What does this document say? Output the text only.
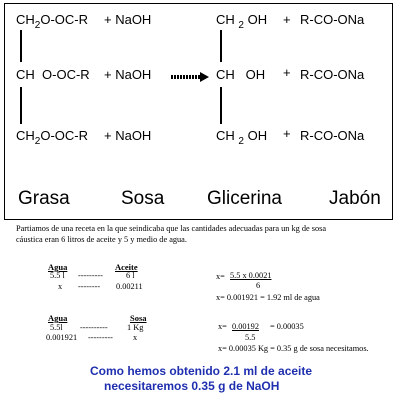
$CH_2O-OC-R$ + NaOH	CH $_2$ OH + R-CO-ONa
CH O-OC-R + NaOH → CH OH + R-CO-ONa
$CH_2O-OC-R$ + NaOH	CH $_2$ OH + R-CO-ONa
Grasa	Sosa Glicerina Jabón
Partiamos de una receta en la que seindicaba que las cantidades adecuadas para un kg de sosa
cáustica eran 6 litros de aceite y 5 y medio de agua.
Agua	Aceite
5.5 l ---------	6 l
x -------- 0.00211
x= 5.5 x 0.0021
6
x= 0.001921 = 1.92 ml de agua
Agua	Sosa
5.5l ---------- 1 Kg
0.001921 --------- x
x= 0.00192 = 0.00035
5.5
x= 0.00035 Kg = 0.35 g de sosa necesitamos.
Como hemos obtenido 2.1 ml de aceite
necesitaremos 0.35 g de NaOH
